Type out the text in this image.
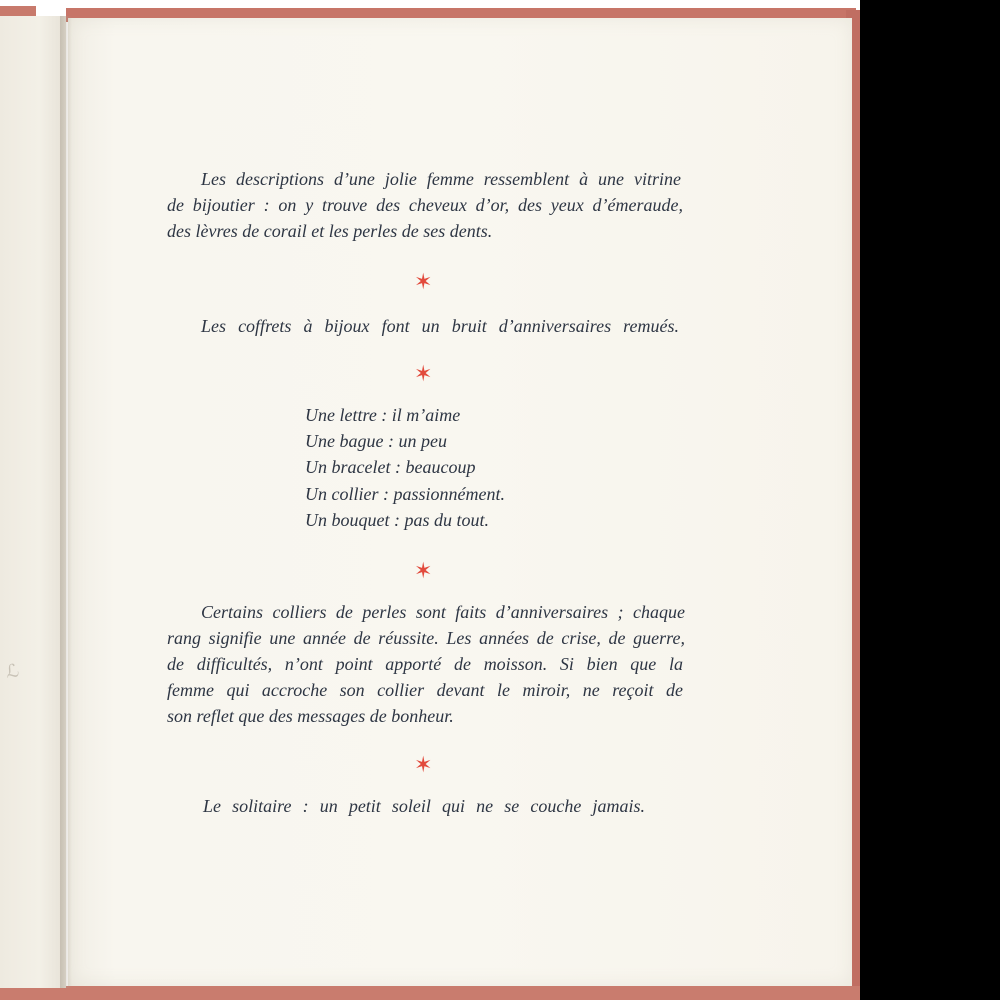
ℒ

Les descriptions d’une jolie femme ressemblent à une vitrine

de bijoutier : on y trouve des cheveux d’or, des yeux d’émeraude,

des lèvres de corail et les perles de ses dents.

✶

Les coffrets à bijoux font un bruit d’anniversaires remués.

✶

Une lettre : il m’aime

Une bague : un peu

Un bracelet : beaucoup

Un collier : passionnément.

Un bouquet : pas du tout.

✶

Certains colliers de perles sont faits d’anniversaires ; chaque

rang signifie une année de réussite. Les années de crise, de guerre,

de difficultés, n’ont point apporté de moisson. Si bien que la

femme qui accroche son collier devant le miroir, ne reçoit de

son reflet que des messages de bonheur.

✶

Le solitaire : un petit soleil qui ne se couche jamais.
